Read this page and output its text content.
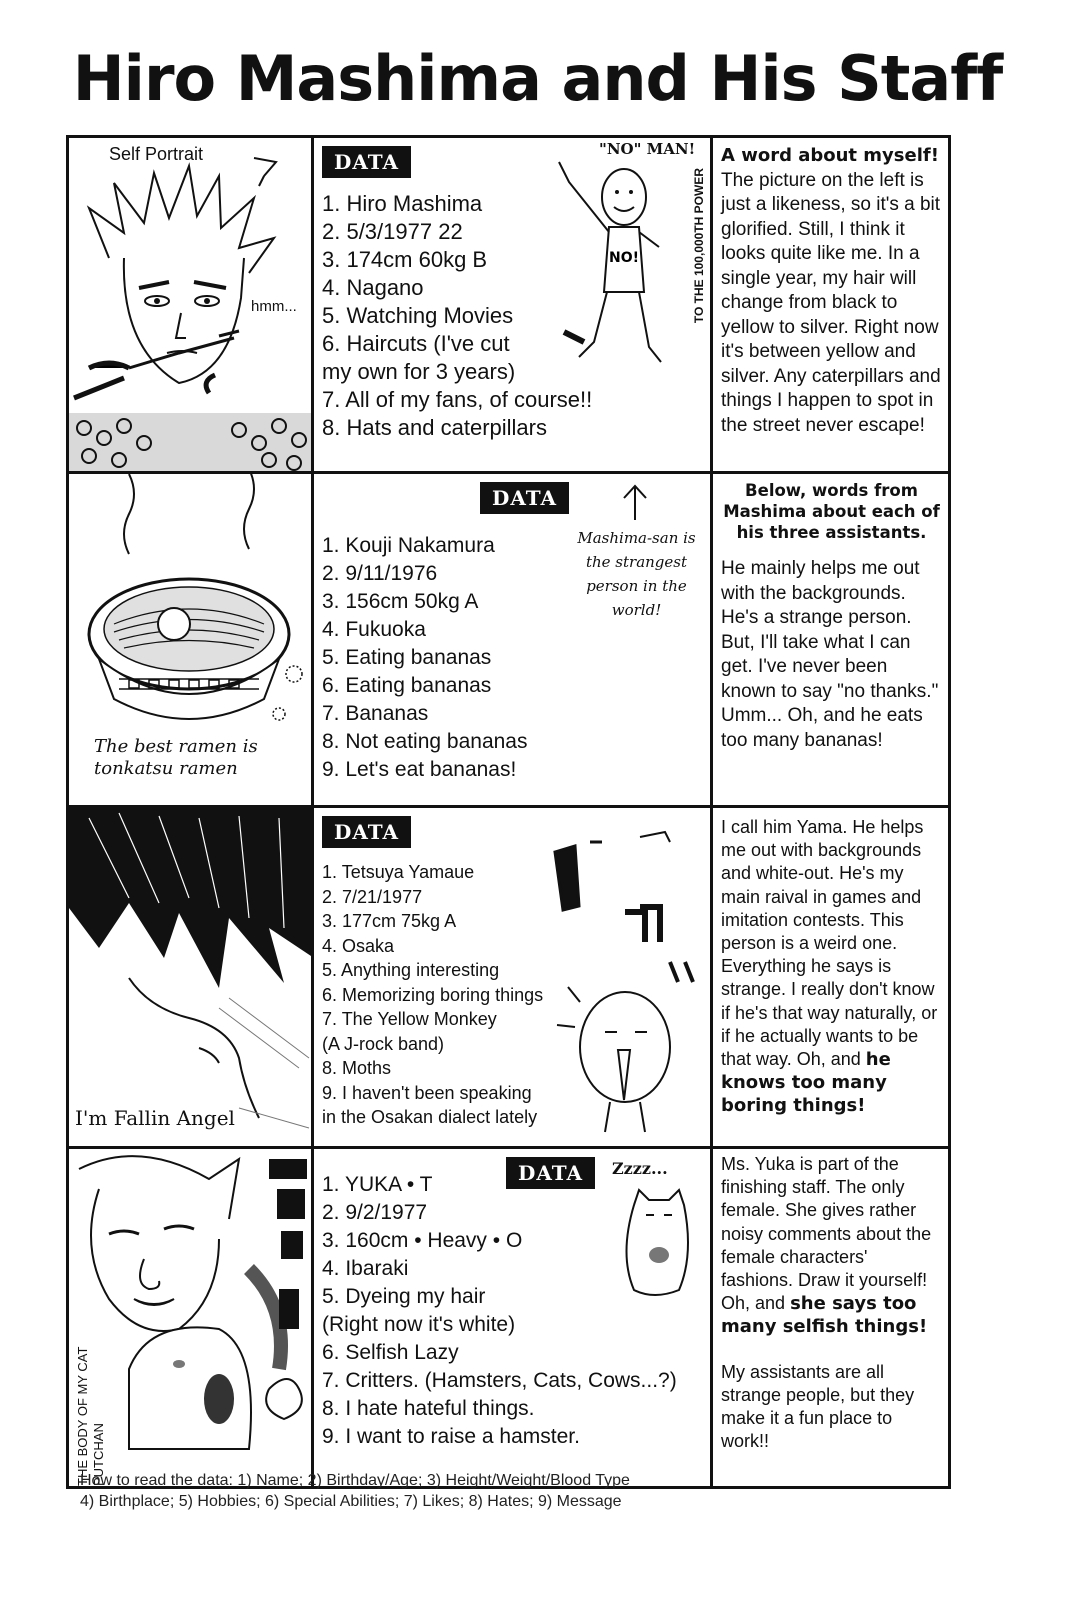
Hiro Mashima and His Staff
Self Portrait
hmm...
DATA
1. Hiro Mashima
2. 5/3/1977 22
3. 174cm 60kg B
4. Nagano
5. Watching Movies
6. Haircuts (I've cut
my own for 3 years)
7. All of my fans, of course!!
8. Hats and caterpillars
"NO" MAN!
NO!	TO THE 100,000TH POWER

A word about myself!

The picture on the left is just a likeness, so it's a bit glorified. Still, I think it looks quite like me. In a single year, my hair will change from black to yellow to silver. Right now it's between yellow and silver. Any caterpillars and things I happen to spot in the street never escape!

The best ramen is tonkatsu ramen
DATA
1. Kouji Nakamura
2. 9/11/1976
3. 156cm 50kg A
4. Fukuoka
5. Eating bananas
6. Eating bananas
7. Bananas
8. Not eating bananas
9. Let's eat bananas!
Mashima-san is the strangest person in the world!

Below, words from Mashima about each of his three assistants.

He mainly helps me out with the backgrounds. He's a strange person. But, I'll take what I can get. I've never been known to say "no thanks." Umm... Oh, and he eats too many bananas!

I'm Fallin Angel
DATA
1. Tetsuya Yamaue
2. 7/21/1977
3. 177cm 75kg A
4. Osaka
5. Anything interesting
6. Memorizing boring things
7. The Yellow Monkey
(A J-rock band)
8. Moths
9. I haven't been speaking
in the Osakan dialect lately

I call him Yama. He helps me out with backgrounds and white-out. He's my main raival in games and imitation contests. This person is a weird one. Everything he says is strange. I really don't know if he's that way naturally, or if he actually wants to be that way. Oh, and he knows too many boring things!

THE BODY OF MY CAT PUTCHAN
DATA
1. YUKA • T
2. 9/2/1977
3. 160cm • Heavy • O
4. Ibaraki
5. Dyeing my hair
(Right now it's white)
6. Selfish Lazy
7. Critters. (Hamsters, Cats, Cows...?)
8. I hate hateful things.
9. I want to raise a hamster.
Zzzz...	Ms. Yuka is part of the finishing staff. The only female. She gives rather noisy comments about the female characters' fashions. Draw it yourself! Oh, and she says too many selfish things!

My assistants are all strange people, but they make it a fun place to work!!

How to read the data: 1) Name; 2) Birthday/Age; 3) Height/Weight/Blood Type
4) Birthplace; 5) Hobbies; 6) Special Abilities; 7) Likes; 8) Hates; 9) Message
